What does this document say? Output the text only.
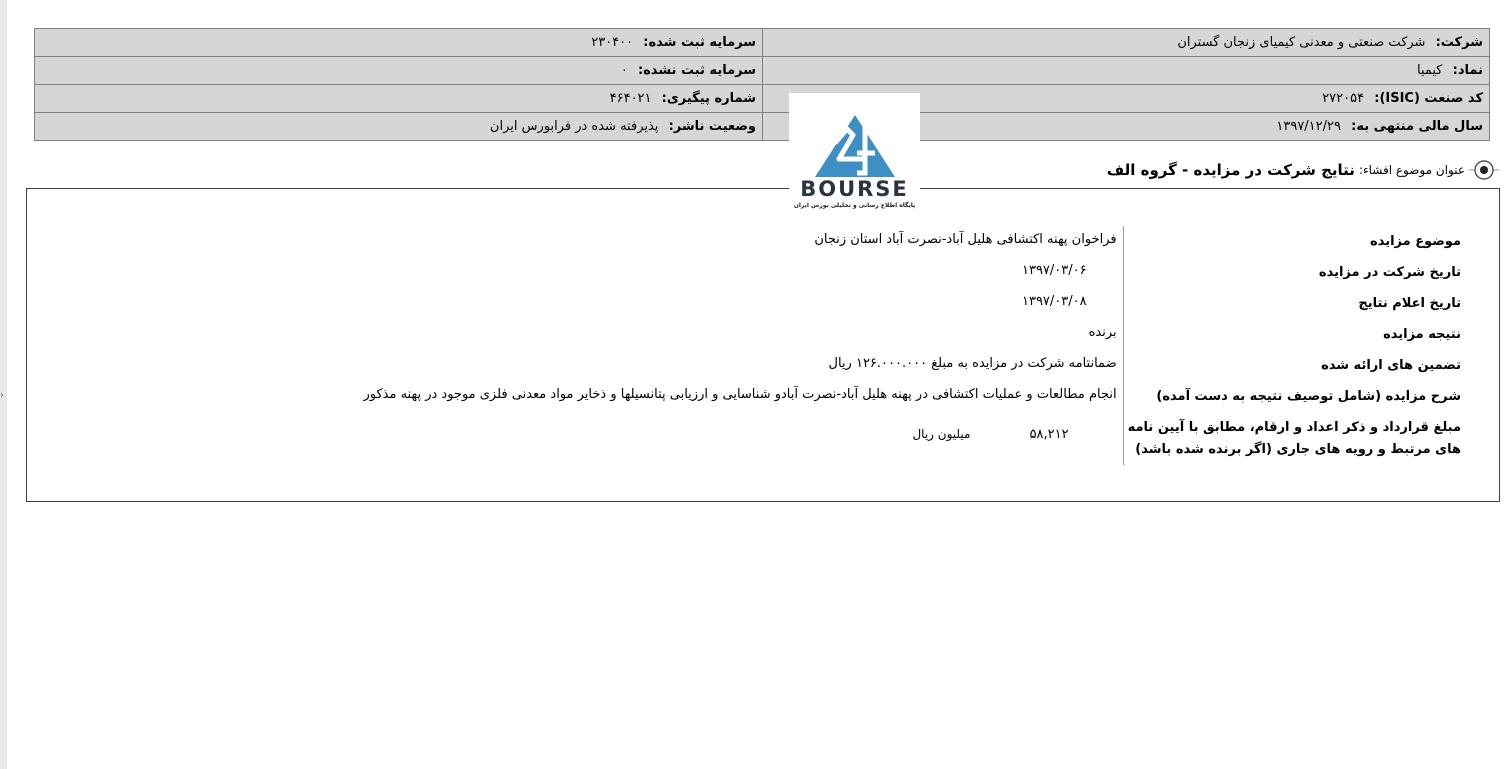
›
شرکت: شرکت صنعتی و معدنی کیمیای زنجان گستران	سرمایه ثبت شده: ۲۳۰۴۰۰
نماد: کیمیا	سرمایه ثبت نشده: ۰
کد صنعت (ISIC): ۲۷۲۰۵۴	شماره پیگیری: ۴۶۴۰۲۱
سال مالی منتهی به: ۱۳۹۷/۱۲/۲۹	وضعیت ناشر: پذیرفته شده در فرابورس ایران
BOURSE
پایگاه اطلاع رسانی و تحلیلی بورس ایران
عنوان موضوع افشاء:
نتایج شرکت در مزایده - گروه الف
موضوع مزایده	فراخوان پهنه اکتشافی هلیل آباد-نصرت آباد استان زنجان
تاریخ شرکت در مزایده	۱۳۹۷/۰۳/۰۶
تاریخ اعلام نتایج	۱۳۹۷/۰۳/۰۸
نتیجه مزایده	برنده
تضمین های ارائه شده	ضمانتامه شرکت در مزایده به مبلغ ۱۲۶.۰۰۰.۰۰۰ ریال
شرح مزایده (شامل توصیف نتیجه به دست آمده)	انجام مطالعات و عملیات اکتشافی در پهنه هلیل آباد-نصرت آبادو شناسایی و ارزیابی پتانسیلها و ذخایر مواد معدنی فلزی موجود در پهنه مذکور

مبلغ قرارداد و ذکر اعداد و ارقام، مطابق با آیین نامه
های مرتبط و رویه های جاری (اگر برنده شده باشد)	۵۸,۲۱۲ میلیون ریال
